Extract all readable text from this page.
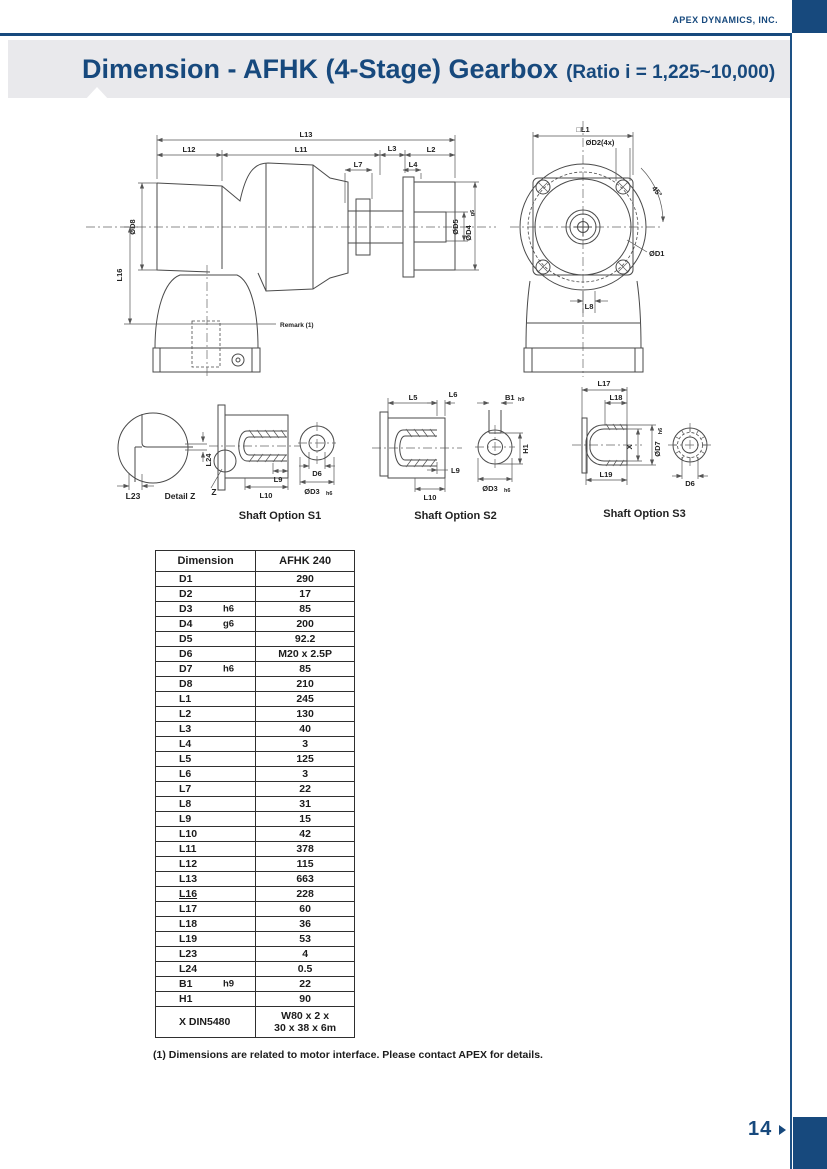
APEX DYNAMICS, INC.
Dimension - AFHK (4-Stage) Gearbox (Ratio i = 1,225~10,000)
L13
L12	L11	L3	L2
L7	L4
ØD8
L16
Remark (1)
ØD5 ØD4
g6
□L1
ØD2(4x)
45°
ØD1
L8
L24
L23	Detail Z Z
L9
L10
D6
ØD3 h6
L5	L6
L9
L10
B1 h9
H1
ØD3 h6
L17
L18
X	ØD7
h6
L19
D6
Shaft Option S1	Shaft Option S2	Shaft Option S3
Dimension	AFHK 240
D1	290

D2	17

D3 h6	85

D4 g6	200

D5	92.2

D6	M20 x 2.5P

D7 h6	85

D8	210

L1	245

L2	130

L3	40

L4	3

L5	125

L6	3

L7	22

L8	31

L9	15

L10	42

L11	378

L12	115

L13	663

L16	228

L17	60

L18	36

L19	53

L23	4

L24	0.5

B1 h9	22

H1	90

X DIN5480	W80 x 2 x
30 x 38 x 6m
(1) Dimensions are related to motor interface. Please contact APEX for details.
14
